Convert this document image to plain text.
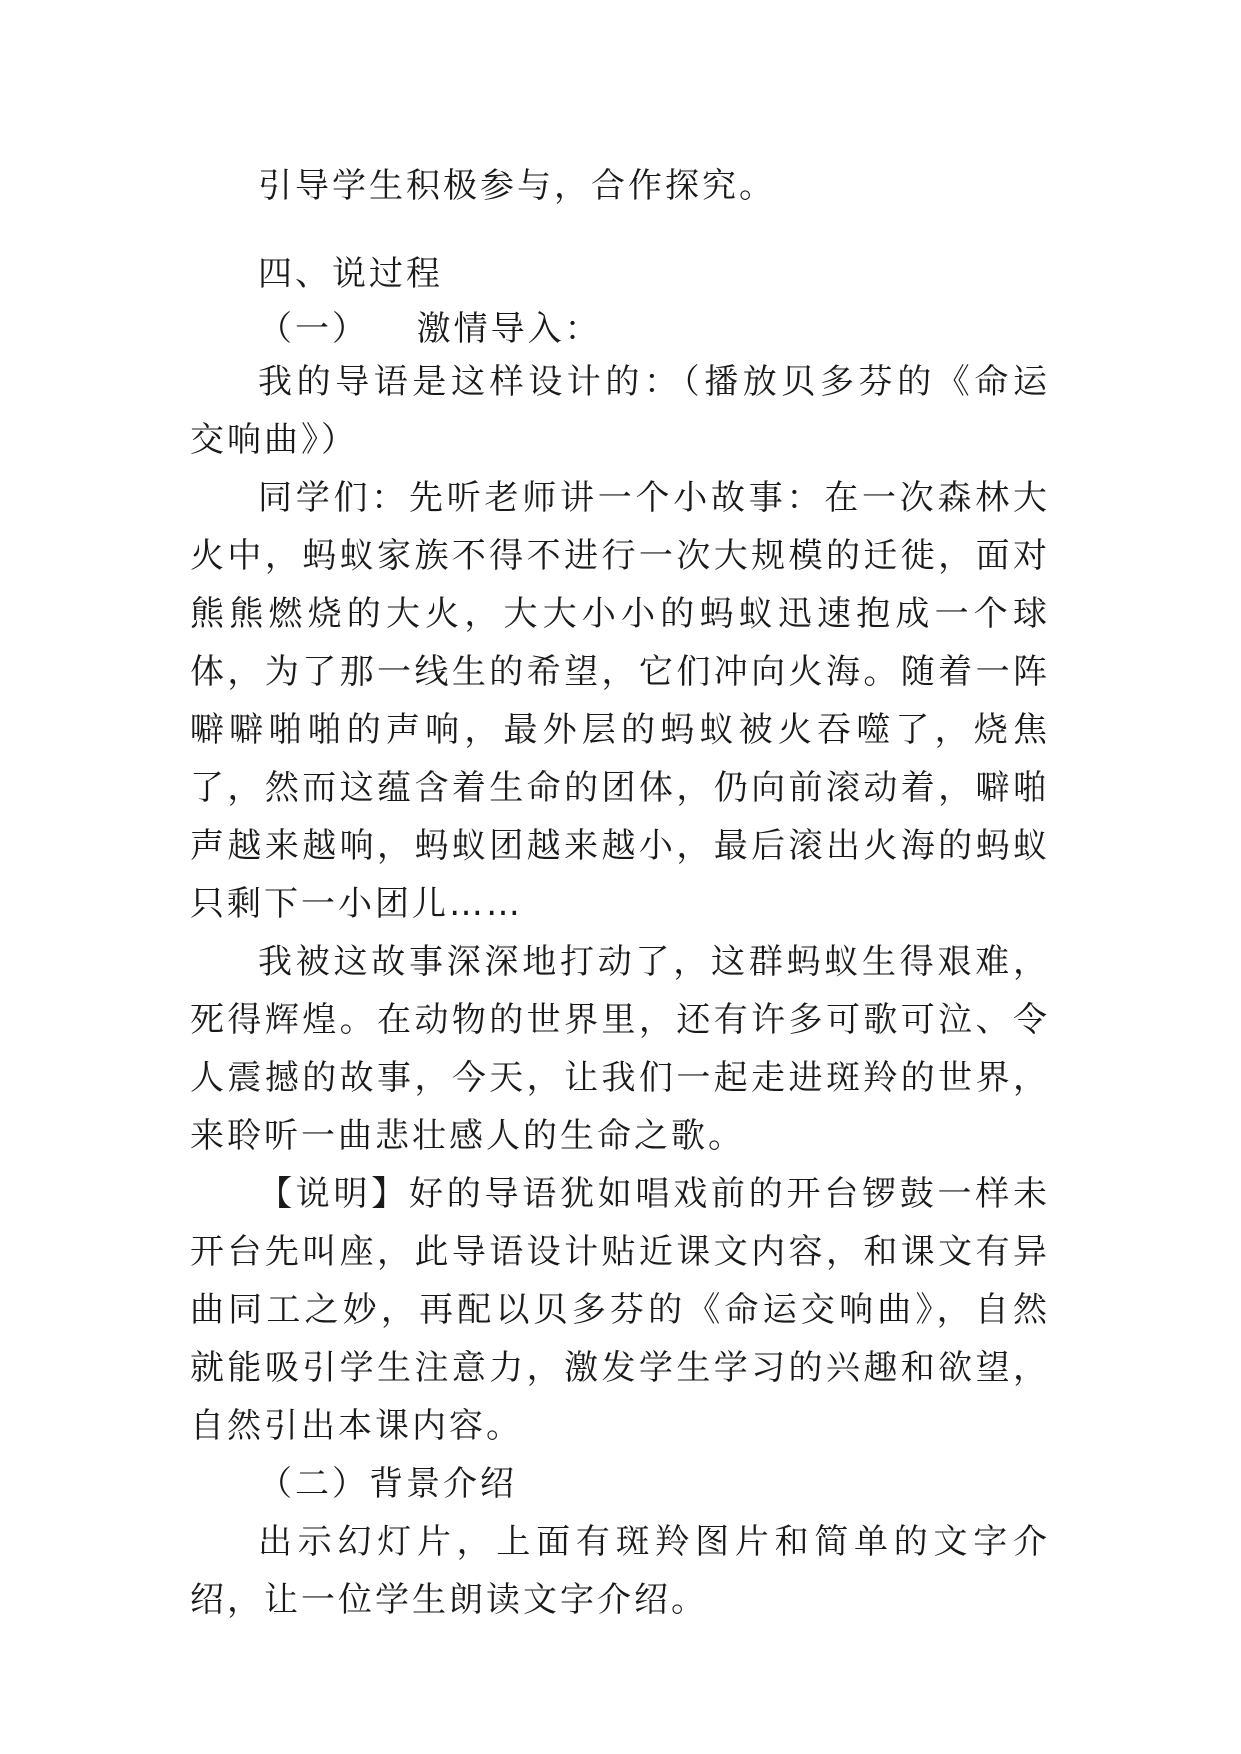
引导学生积极参与，合作探究。

四、说过程

（一） 激情导入：

我的导语是这样设计的：（播放贝多芬的《命运交响曲》）

同学们：先听老师讲一个小故事：在一次森林大火中，蚂蚁家族不得不进行一次大规模的迁徙，面对熊熊燃烧的大火，大大小小的蚂蚁迅速抱成一个球体，为了那一线生的希望，它们冲向火海。随着一阵噼噼啪啪的声响，最外层的蚂蚁被火吞噬了，烧焦了，然而这蕴含着生命的团体，仍向前滚动着，噼啪声越来越响，蚂蚁团越来越小，最后滚出火海的蚂蚁只剩下一小团儿……

我被这故事深深地打动了，这群蚂蚁生得艰难，死得辉煌。在动物的世界里，还有许多可歌可泣、令人震撼的故事，今天，让我们一起走进斑羚的世界，来聆听一曲悲壮感人的生命之歌。

【说明】好的导语犹如唱戏前的开台锣鼓一样未开台先叫座，此导语设计贴近课文内容，和课文有异曲同工之妙，再配以贝多芬的《命运交响曲》，自然就能吸引学生注意力，激发学生学习的兴趣和欲望，自然引出本课内容。

（二）背景介绍

出示幻灯片，上面有斑羚图片和简单的文字介绍，让一位学生朗读文字介绍。
